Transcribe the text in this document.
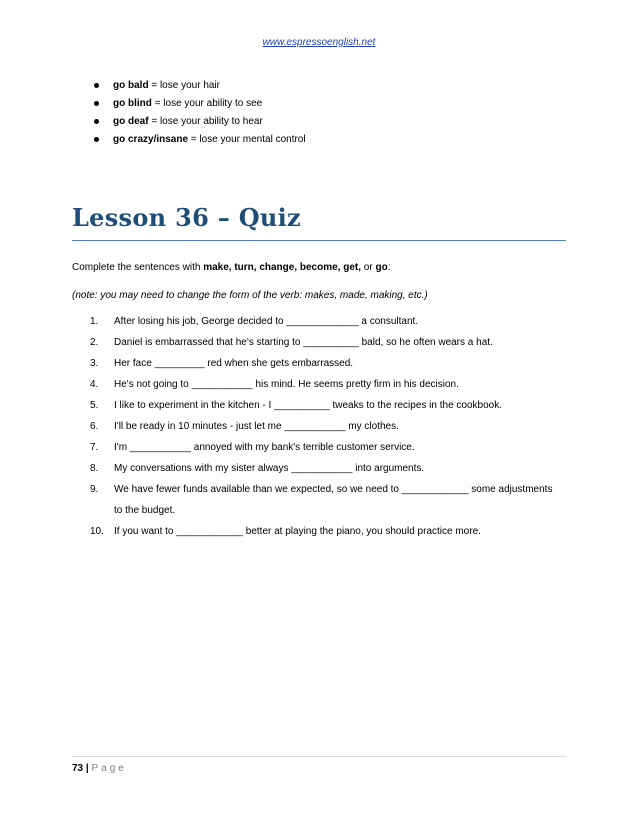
www.espressoenglish.net
go bald = lose your hair
go blind = lose your ability to see
go deaf = lose your ability to hear
go crazy/insane = lose your mental control
Lesson 36 – Quiz
Complete the sentences with make, turn, change, become, get, or go:
(note: you may need to change the form of the verb: makes, made, making, etc.)
1. After losing his job, George decided to _____________ a consultant.
2. Daniel is embarrassed that he's starting to __________ bald, so he often wears a hat.
3. Her face _________ red when she gets embarrassed.
4. He's not going to ___________ his mind. He seems pretty firm in his decision.
5. I like to experiment in the kitchen - I __________ tweaks to the recipes in the cookbook.
6. I'll be ready in 10 minutes - just let me ___________ my clothes.
7. I'm ___________ annoyed with my bank's terrible customer service.
8. My conversations with my sister always ___________ into arguments.
9. We have fewer funds available than we expected, so we need to ____________ some adjustments to the budget.
10. If you want to ____________ better at playing the piano, you should practice more.
73 | Page
